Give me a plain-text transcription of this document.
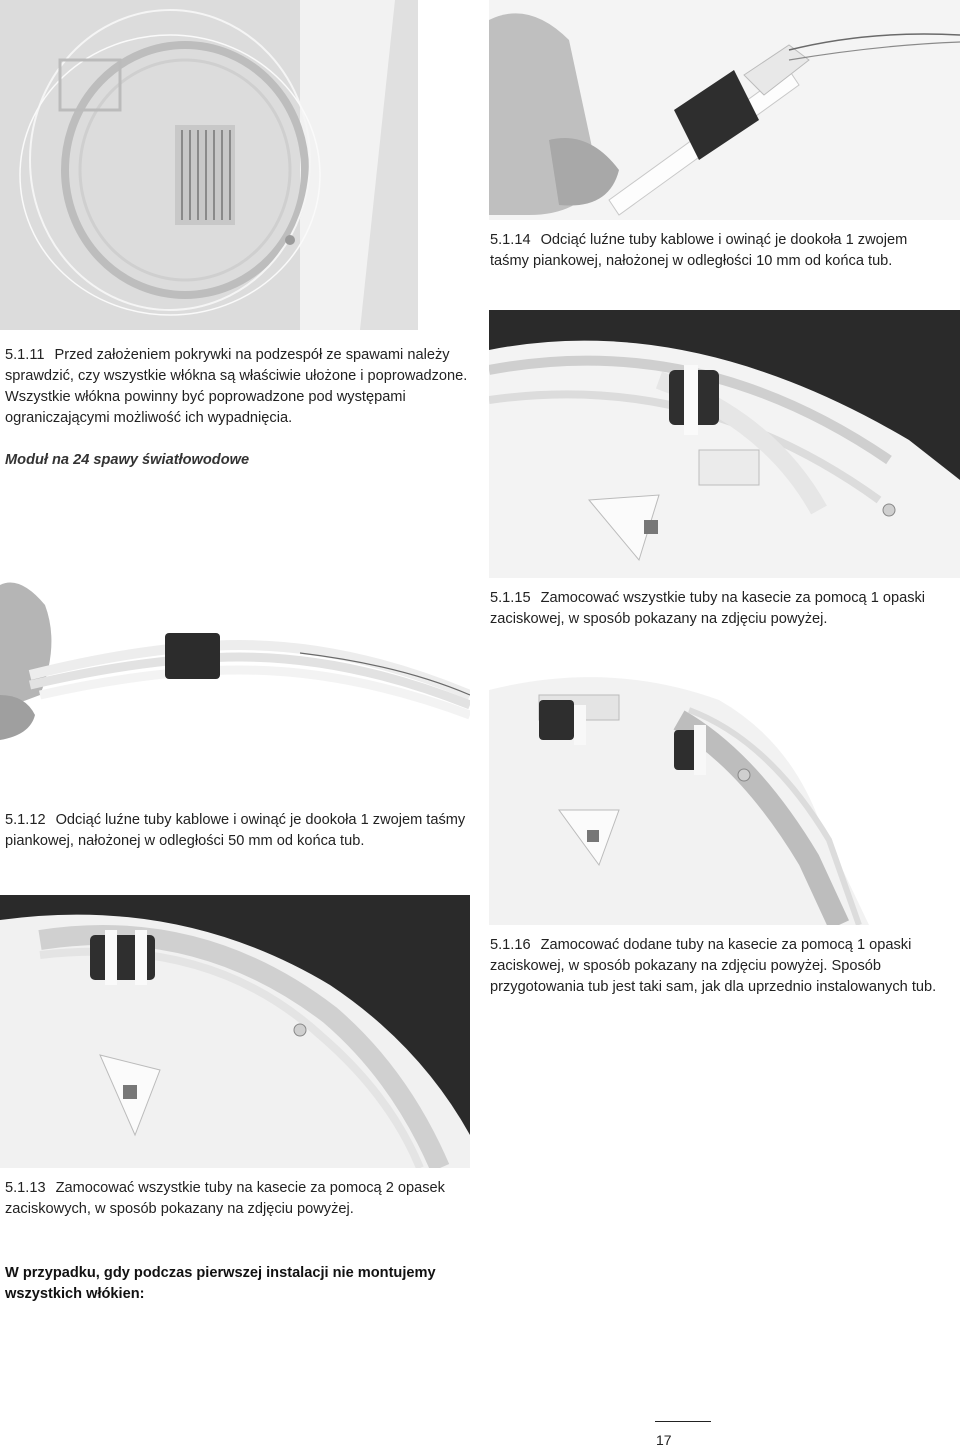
5.1.14 Odciąć luźne tuby kablowe i owinąć je dookoła 1 zwojem taśmy piankowej, nałożonej w odległości 10 mm od końca tub.

5.1.11 Przed założeniem pokrywki na podzespół ze spawami należy sprawdzić, czy wszystkie włókna są właściwie ułożone i poprowadzone. Wszystkie włókna powinny być poprowadzone pod występami ograniczającymi możliwość ich wypadnięcia.

Moduł na 24 spawy światłowodowe

5.1.15 Zamocować wszystkie tuby na kasecie za pomocą 1 opaski zaciskowej, w sposób pokazany na zdjęciu powyżej.

5.1.12 Odciąć luźne tuby kablowe i owinąć je dookoła 1 zwojem taśmy piankowej, nałożonej w odległości 50 mm od końca tub.

5.1.16 Zamocować dodane tuby na kasecie za pomocą 1 opaski zaciskowej, w sposób pokazany na zdjęciu powyżej. Sposób przygotowania tub jest taki sam, jak dla uprzednio instalowanych tub.

5.1.13 Zamocować wszystkie tuby na kasecie za pomocą 2 opasek zaciskowych, w sposób pokazany na zdjęciu powyżej.

W przypadku, gdy podczas pierwszej instalacji nie montujemy wszystkich włókien:

17
